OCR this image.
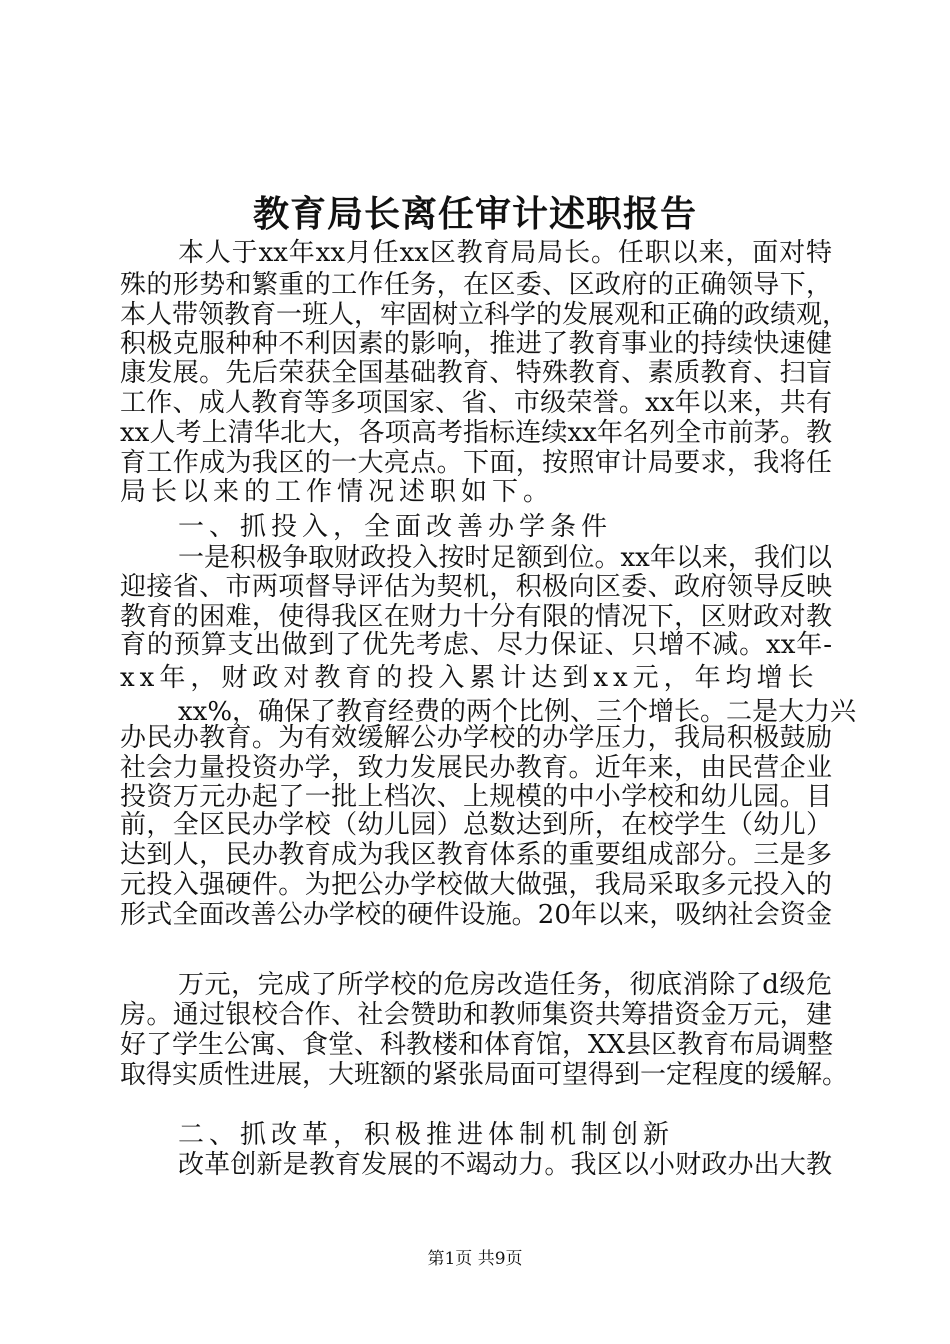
教育局长离任审计述职报告
本人于xx年xx月任xx区教育局局长。任职以来，面对特
殊的形势和繁重的工作任务，在区委、区政府的正确领导下，
本人带领教育一班人，牢固树立科学的发展观和正确的政绩观，
积极克服种种不利因素的影响，推进了教育事业的持续快速健
康发展。先后荣获全国基础教育、特殊教育、素质教育、扫盲
工作、成人教育等多项国家、省、市级荣誉。xx年以来，共有
xx人考上清华北大，各项高考指标连续xx年名列全市前茅。教
育工作成为我区的一大亮点。下面，按照审计局要求，我将任
局长以来的工作情况述职如下。
一、抓投入，全面改善办学条件
一是积极争取财政投入按时足额到位。xx年以来，我们以
迎接省、市两项督导评估为契机，积极向区委、政府领导反映
教育的困难，使得我区在财力十分有限的情况下，区财政对教
育的预算支出做到了优先考虑、尽力保证、只增不减。xx年-
xx年，财政对教育的投入累计达到xx元，年均增长
xx%，确保了教育经费的两个比例、三个增长。二是大力兴
办民办教育。为有效缓解公办学校的办学压力，我局积极鼓励
社会力量投资办学，致力发展民办教育。近年来，由民营企业
投资万元办起了一批上档次、上规模的中小学校和幼儿园。目
前，全区民办学校（幼儿园）总数达到所，在校学生（幼儿）
达到人，民办教育成为我区教育体系的重要组成部分。三是多
元投入强硬件。为把公办学校做大做强，我局采取多元投入的
形式全面改善公办学校的硬件设施。20年以来，吸纳社会资金
万元，完成了所学校的危房改造任务，彻底消除了d级危
房。通过银校合作、社会赞助和教师集资共筹措资金万元，建
好了学生公寓、食堂、科教楼和体育馆，XX县区教育布局调整
取得实质性进展，大班额的紧张局面可望得到一定程度的缓解。
二、抓改革，积极推进体制机制创新
改革创新是教育发展的不竭动力。我区以小财政办出大教
第1页 共9页
